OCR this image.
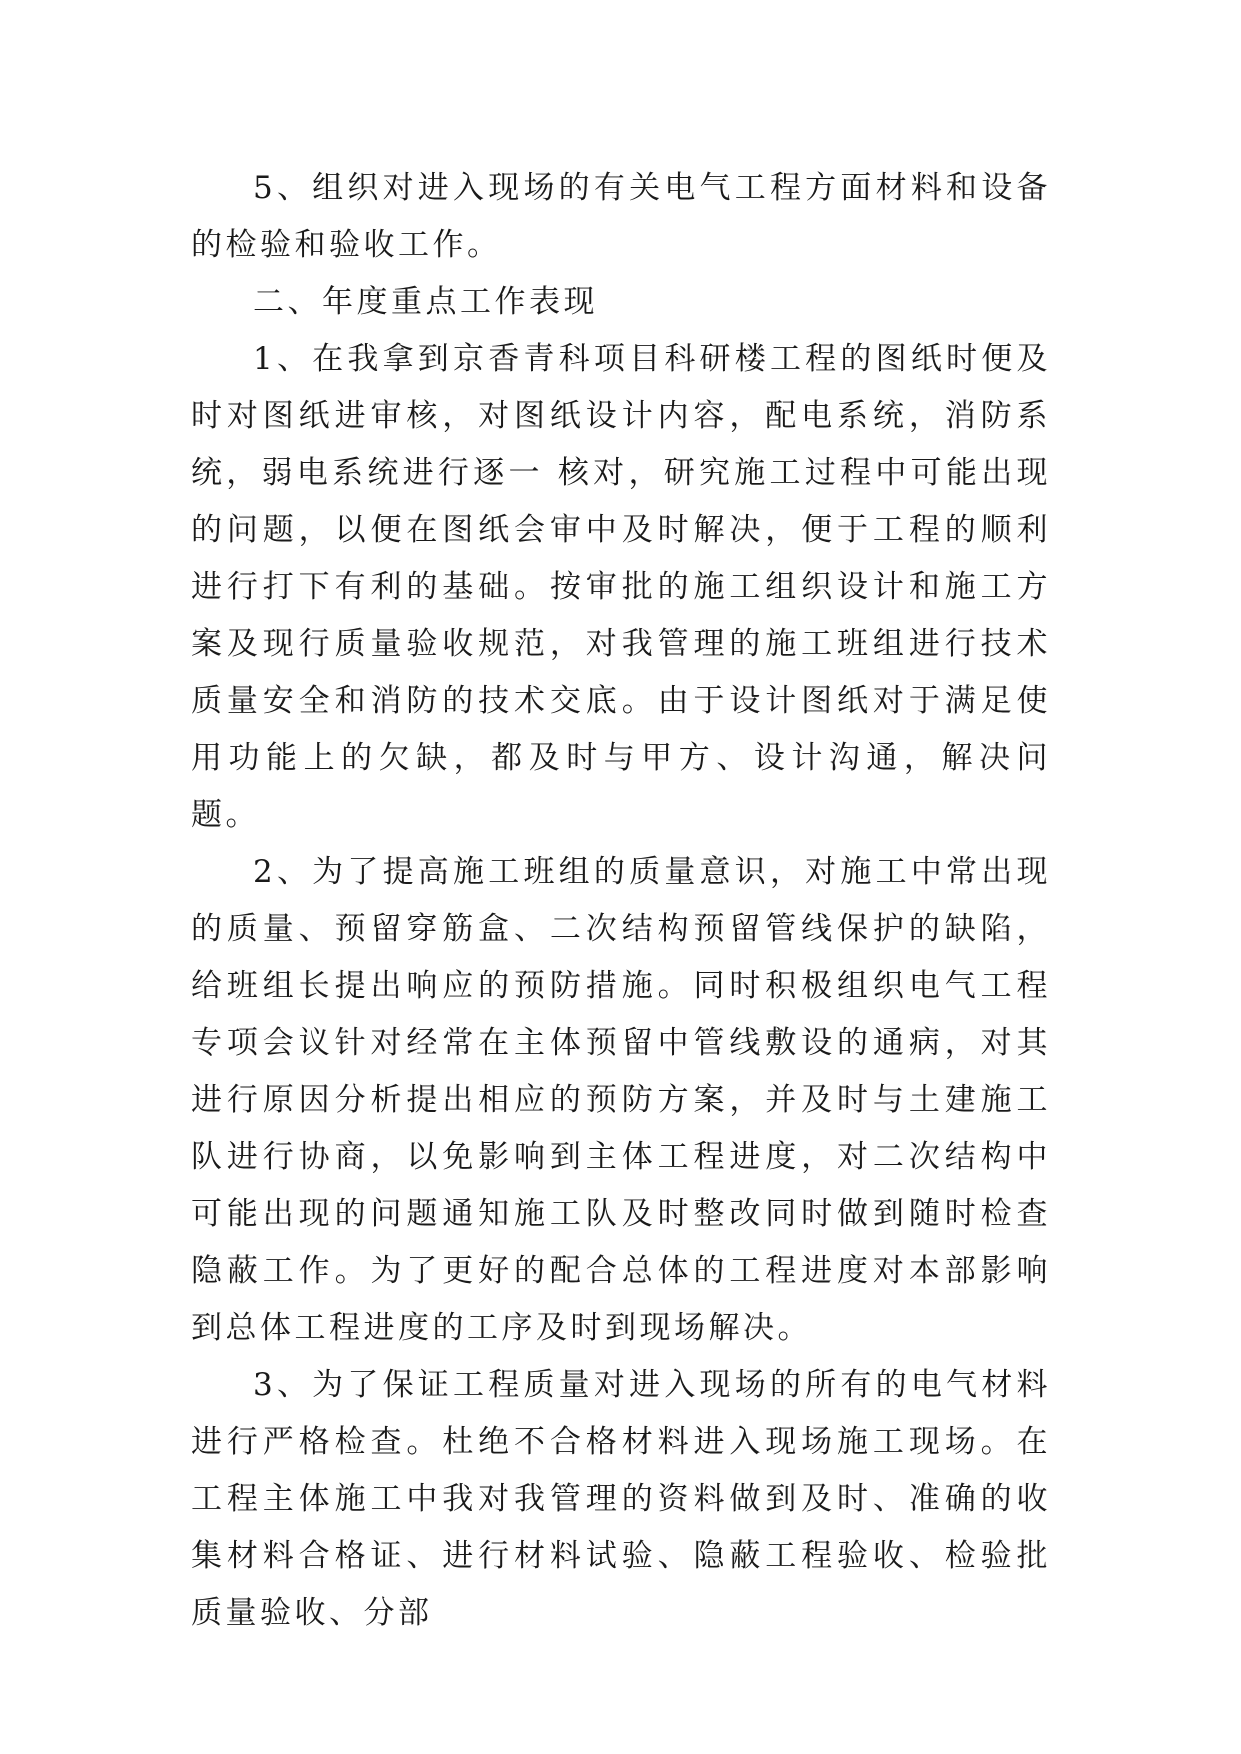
5、组织对进入现场的有关电气工程方面材料和设备的检验和验收工作。

二、年度重点工作表现

1、在我拿到京香青科项目科研楼工程的图纸时便及时对图纸进审核，对图纸设计内容，配电系统，消防系统，弱电系统进行逐一 核对，研究施工过程中可能出现的问题，以便在图纸会审中及时解决，便于工程的顺利进行打下有利的基础。按审批的施工组织设计和施工方案及现行质量验收规范，对我管理的施工班组进行技术质量安全和消防的技术交底。由于设计图纸对于满足使用功能上的欠缺，都及时与甲方、设计沟通，解决问题。

2、为了提高施工班组的质量意识，对施工中常出现的质量、预留穿筋盒、二次结构预留管线保护的缺陷，给班组长提出响应的预防措施。同时积极组织电气工程专项会议针对经常在主体预留中管线敷设的通病，对其进行原因分析提出相应的预防方案，并及时与土建施工队进行协商，以免影响到主体工程进度，对二次结构中可能出现的问题通知施工队及时整改同时做到随时检查隐蔽工作。为了更好的配合总体的工程进度对本部影响到总体工程进度的工序及时到现场解决。

3、为了保证工程质量对进入现场的所有的电气材料进行严格检查。杜绝不合格材料进入现场施工现场。在工程主体施工中我对我管理的资料做到及时、准确的收集材料合格证、进行材料试验、隐蔽工程验收、检验批质量验收、分部
